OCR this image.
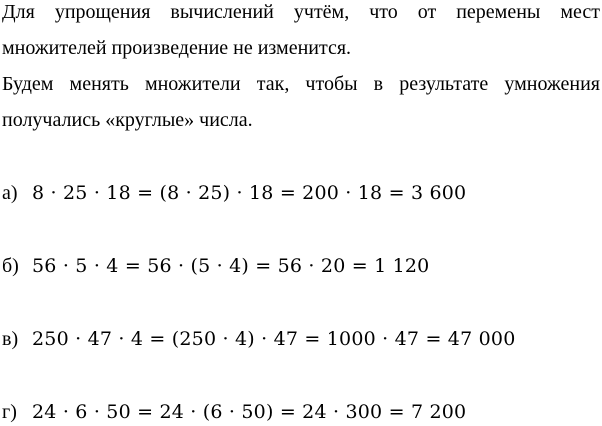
Для упрощения вычислений учтём, что от перемены мест множителей произведение не изменится.

Будем менять множители так, чтобы в результате умножения получались «круглые» числа.

а) 8 · 25 · 18 = (8 · 25) · 18 = 200 · 18 = 3 600
б) 56 · 5 · 4 = 56 · (5 · 4) = 56 · 20 = 1 120
в) 250 · 47 · 4 = (250 · 4) · 47 = 1000 · 47 = 47 000
г) 24 · 6 · 50 = 24 · (6 · 50) = 24 · 300 = 7 200
